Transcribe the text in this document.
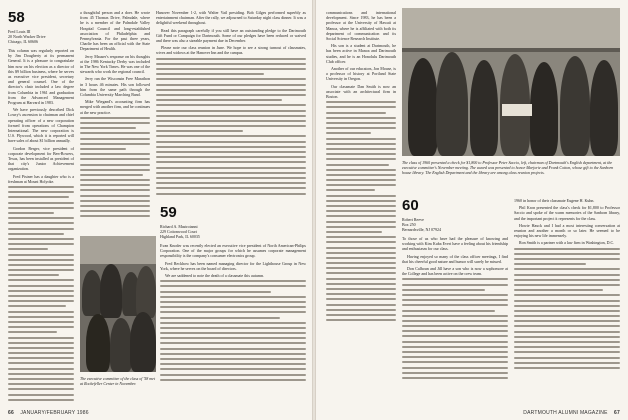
58
Fred Louis III
20 North Wacker Drive
Chicago, IL 60606

This column was regularly reported on by Jim Dougherty at its permanent General. It is a pleasure to congratulate him now on his election as a director of this $9 billion business, where he serves as executive vice president, secretary and general counsel. One of the director's chair included a law degree from Columbia in 1961 and graduation from the Advanced Management Program at Harvard in 1983.

We have previously described Dick Lowry's ascension to chairman and chief operating officer of a new corporation formed from operations of Champion International. The new corporation is U.S. Plywood, which it is reported will have sales of about $1 billion annually.

Gordon Berger, vice president of corporate development for Ben-Bowers, Texas, has been installed as president of that city's Junior Achievement organization.

Fred Pistner has a daughter who is a freshman at Mount Holyoke.

a thoughtful person and a doer. He wrote from 45 Thomas Drive, Palmdale, where he is a member of the Palmdale Valley Hospital Council and long-established association of Philadelphia and Pennsylvania. For the past three years, Charlie has been an official with the State Department of Health.

Jerry Mauser's response on his thoughts at the 1986 Kentucky Derby was included in The New York Times. He was one of the stewards who work the regional council.

Jerry ran the Wisconsin Free Marathon in 3 hours 46 minutes. His son followed him from the same path through the Columbia University Marching Band.

Mike Wiegand's accounting firm has merged with another firm, and he continues at the new practice.

Hanover November 1-2, with Walter Vail presiding. Bob Gilges performed superbly as entertainment chairman. After the rally, we adjourned to Saturday night class dinner. It was a delightful weekend throughout.

Read this paragraph carefully if you still have an outstanding pledge to the Dartmouth Gift Fund or Campaign for Dartmouth. Some of our pledges have been reduced or waived and there was also a sizeable payment due in December.

Please note our class reunion in June. We hope to see a strong turnout of classmates, wives and widows at the Hanover Inn and the campus.

The executive committee of the class of '58 met at Rockefeller Center in November.
59
Richard A. Mastroianni
229 Cottonwood Court
Highland Park, IL 60035

Evan Knoder was recently elected an executive vice president of North American-Philips Corporation. One of the major groups for which he assumes corporate management responsibility is the company's consumer electronics group.

Fred Reckhow has been named managing director for the Lighthouse Group in New York, where he serves on the board of directors.

We are saddened to note the death of a classmate this autumn.

66 JANUARY/FEBRUARY 1986

communications and international development. Since 1983, he has been a professor at the University of Hawaii at Manoa, where he is affiliated with both its department of communication and its Social Science Research Institute.

His son is a student at Dartmouth, he has been active in Manoa and Dartmouth studies, and he is an Honolulu Dartmouth Club officer.

Another of our educators, Jon Mouse, is a professor of history at Portland State University in Oregon.

Our classmate Dan Smith is now an associate with an architectural firm in Boston.

The class of 1960 presented a check for $1,800 to Professor Peter Saccio, left, chairman of Dartmouth's English department, at the executive committee's November meeting. The award was presented to honor Marjorie and Frank Cotton, whose gift to the Sanborn house library. The English Department and the library are among class reunion projects.
60
Robert Reeve
Box 250
Bernardsville, NJ 07924

To those of us who have had the pleasure of knowing and working with Kim Kuba Evert have a feeling about his friendship and enthusiasm for our class.

Having enjoyed so many of the class officer meetings, I find that his cheerful good nature and humor will surely be missed.

Don Calhoun and Jill have a son who is now a sophomore at the College and has been active on the crew team.

1960 in honor of their classmate Eugene H. Kuhn.

Phil Kron presented the class's check for $1,800 to Professor Saccio and spoke of the warm memories of the Sanborn library, and the important project it represents for the class.

Howie Hauck and I had a most interesting conversation at reunion and another a month or so later. He seemed to be enjoying his new life immensely.

Ron Smith is a partner with a law firm in Washington, D.C.

DARTMOUTH ALUMNI MAGAZINE 67
